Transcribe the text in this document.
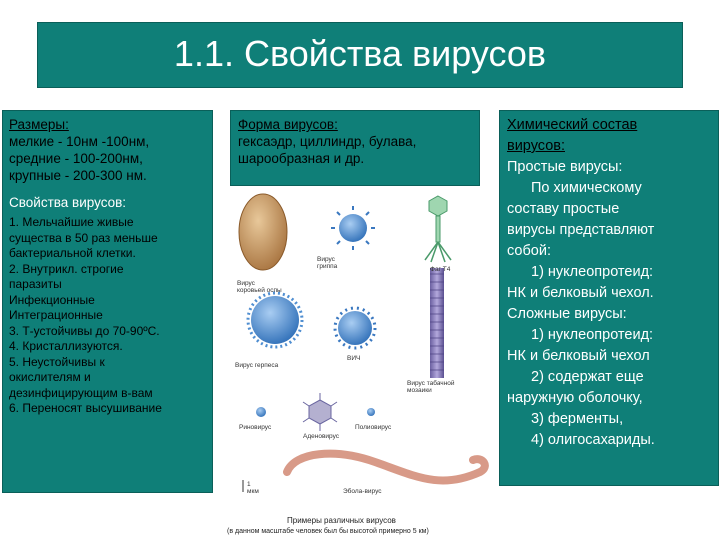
1.1. Свойства вирусов
Размеры:
мелкие - 10нм -100нм,
средние - 100-200нм,
крупные - 200-300 нм.
Свойства вирусов:
1. Мельчайшие живые
существа в 50 раз меньше
бактериальной клетки.
2. Внутрикл. строгие
паразиты
Инфекционные
Интеграционные
3. Т-устойчивы до 70-90ºС.
4. Кристаллизуются.
5. Неустойчивы к
окислителям и
дезинфицирующим в-вам
6. Переносят высушивание
Форма вирусов:
гексаэдр, циллиндр, булава,
шарообразная и др.
Химический состав
вирусов:
Простые вирусы:
По химическому
составу простые
вирусы представляют
собой:
1) нуклеопротеид:
НК и белковый чехол.
Сложные вирусы:
1) нуклеопротеид:
НК и белковый чехол
2) содержат еще
наружную оболочку,
3) ферменты,
4) олигосахариды.
Вирус
коровьей оспы
Вирус
гриппа	Фаг Т4
Вирус герпеса
ВИЧ
Вирус табачной
мозаики
Риновирус
Аденовирус
Полиовирус
Эбола-вирус
1
мкм
Примеры различных вирусов
(в данном масштабе человек был бы высотой примерно 5 км)
